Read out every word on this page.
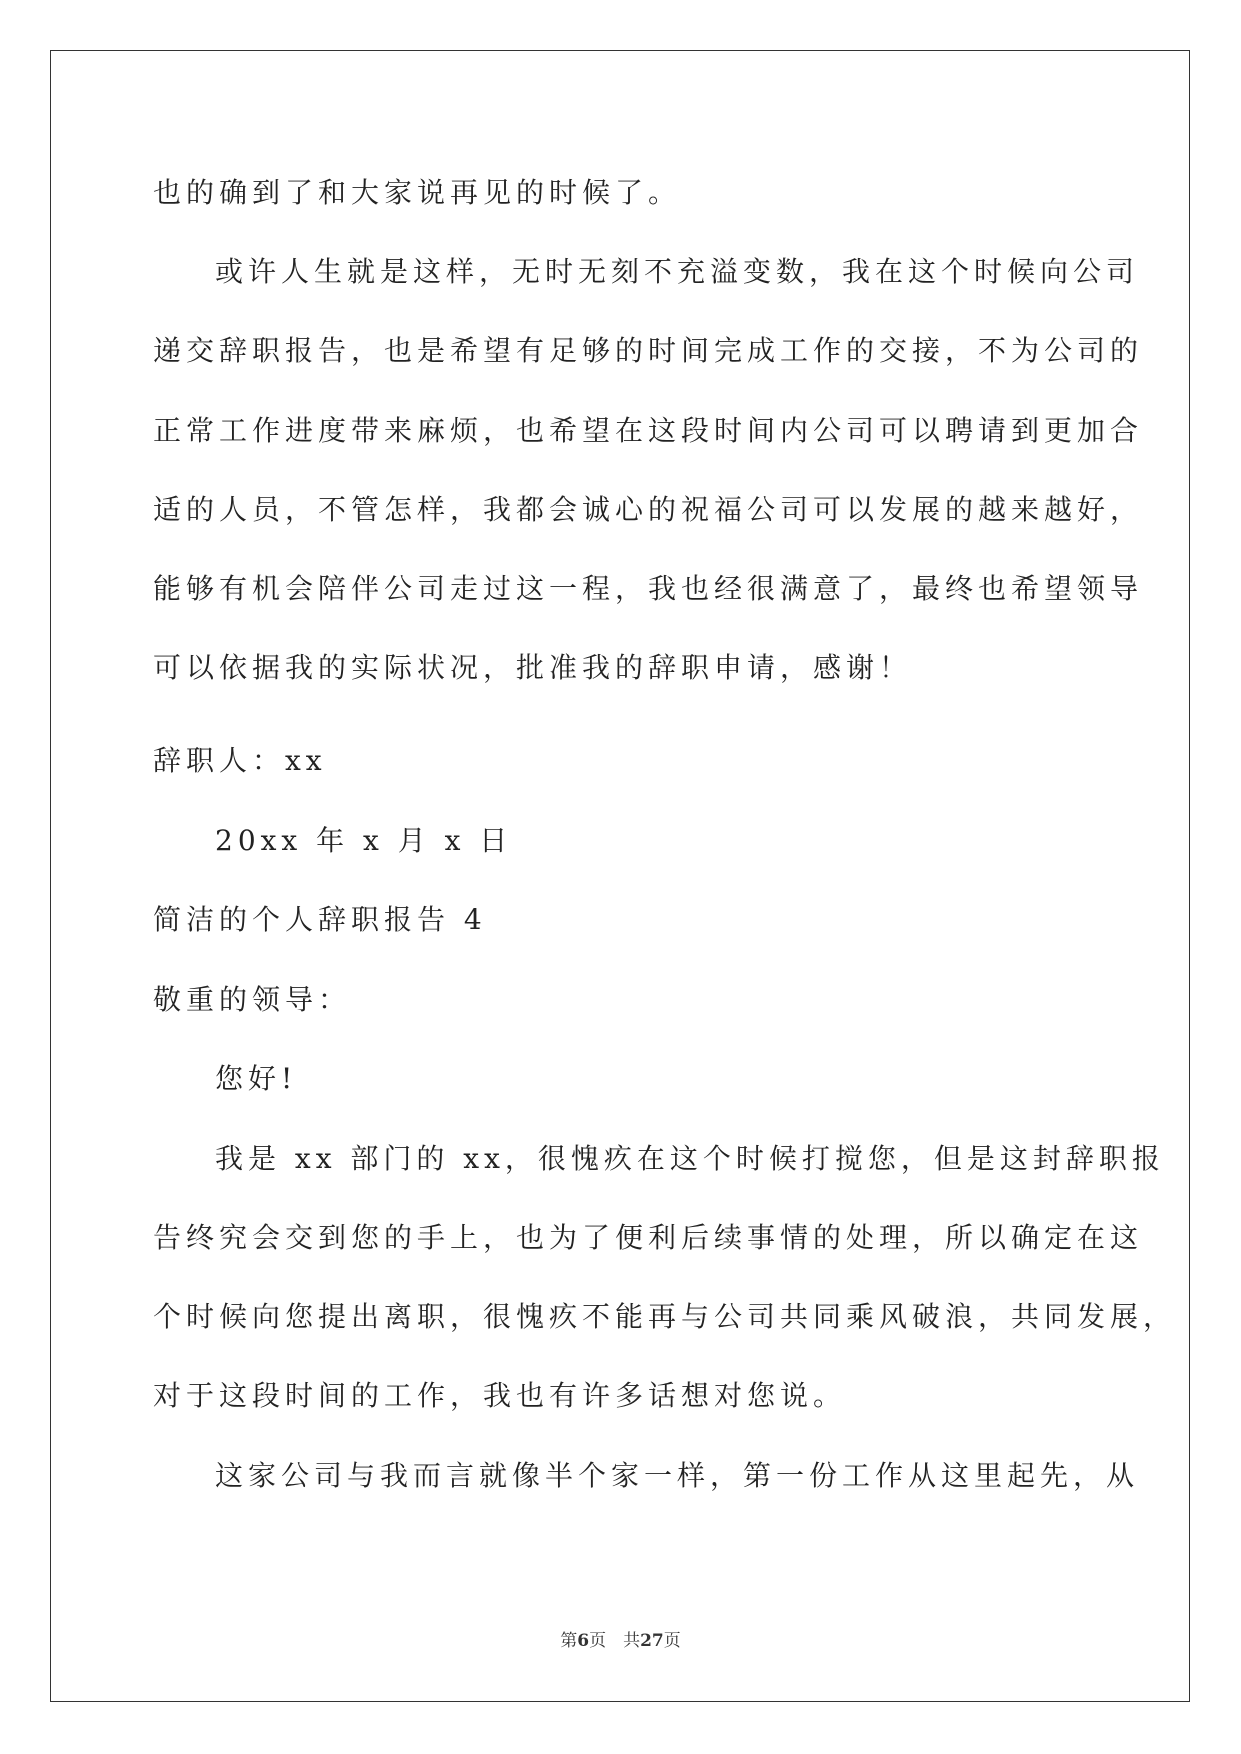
也的确到了和大家说再见的时候了。
或许人生就是这样，无时无刻不充溢变数，我在这个时候向公司
递交辞职报告，也是希望有足够的时间完成工作的交接，不为公司的
正常工作进度带来麻烦，也希望在这段时间内公司可以聘请到更加合
适的人员，不管怎样，我都会诚心的祝福公司可以发展的越来越好，
能够有机会陪伴公司走过这一程，我也经很满意了，最终也希望领导
可以依据我的实际状况，批准我的辞职申请，感谢！
辞职人：xx
20xx 年 x 月 x 日
简洁的个人辞职报告 4
敬重的领导：
您好!
我是 xx 部门的 xx，很愧疚在这个时候打搅您，但是这封辞职报
告终究会交到您的手上，也为了便利后续事情的处理，所以确定在这
个时候向您提出离职，很愧疚不能再与公司共同乘风破浪，共同发展，
对于这段时间的工作，我也有许多话想对您说。
这家公司与我而言就像半个家一样，第一份工作从这里起先，从
第6页　共27页
